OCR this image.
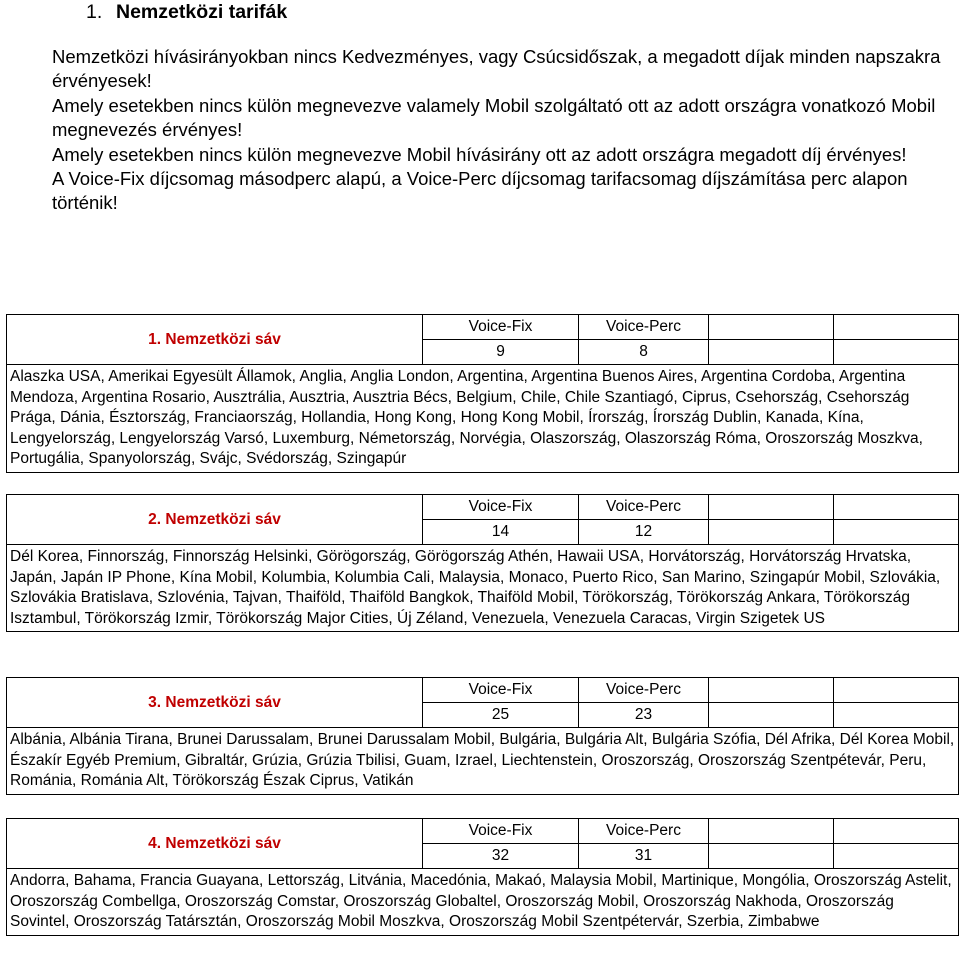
1. Nemzetközi tarifák

Nemzetközi hívásirányokban nincs Kedvezményes, vagy Csúcsidőszak, a megadott díjak minden napszakra érvényesek!

Amely esetekben nincs külön megnevezve valamely Mobil szolgáltató ott az adott országra vonatkozó Mobil megnevezés érvényes!

Amely esetekben nincs külön megnevezve Mobil hívásirány ott az adott országra megadott díj érvényes!

A Voice-Fix díjcsomag másodperc alapú, a Voice-Perc díjcsomag tarifacsomag díjszámítása perc alapon történik!

1. Nemzetközi sáv	Voice-Fix	Voice-Perc		
	9	8		
Alaszka USA, Amerikai Egyesült Államok, Anglia, Anglia London, Argentina, Argentina Buenos Aires, Argentina Cordoba, Argentina Mendoza, Argentina Rosario, Ausztrália, Ausztria, Ausztria Bécs, Belgium, Chile, Chile Szantiagó, Ciprus, Csehország, Csehország Prága, Dánia, Észtország, Franciaország, Hollandia, Hong Kong, Hong Kong Mobil, Írország, Írország Dublin, Kanada, Kína, Lengyelország, Lengyelország Varsó, Luxemburg, Németország, Norvégia, Olaszország, Olaszország Róma, Oroszország Moszkva, Portugália, Spanyolország, Svájc, Svédország, Szingapúr				
2. Nemzetközi sáv	Voice-Fix	Voice-Perc		
	14	12		
Dél Korea, Finnország, Finnország Helsinki, Görögország, Görögország Athén, Hawaii USA, Horvátország, Horvátország Hrvatska, Japán, Japán IP Phone, Kína Mobil, Kolumbia, Kolumbia Cali, Malaysia, Monaco, Puerto Rico, San Marino, Szingapúr Mobil, Szlovákia, Szlovákia Bratislava, Szlovénia, Tajvan, Thaiföld, Thaiföld Bangkok, Thaiföld Mobil, Törökország, Törökország Ankara, Törökország Isztambul, Törökország Izmir, Törökország Major Cities, Új Zéland, Venezuela, Venezuela Caracas, Virgin Szigetek US				
3. Nemzetközi sáv	Voice-Fix	Voice-Perc		
	25	23		
Albánia, Albánia Tirana, Brunei Darussalam, Brunei Darussalam Mobil, Bulgária, Bulgária Alt, Bulgária Szófia, Dél Afrika, Dél Korea Mobil, Északír Egyéb Premium, Gibraltár, Grúzia, Grúzia Tbilisi, Guam, Izrael, Liechtenstein, Oroszország, Oroszország Szentpétevár, Peru, Románia, Románia Alt, Törökország Észak Ciprus, Vatikán				
4. Nemzetközi sáv	Voice-Fix	Voice-Perc		
	32	31		
Andorra, Bahama, Francia Guayana, Lettország, Litvánia, Macedónia, Makaó, Malaysia Mobil, Martinique, Mongólia, Oroszország Astelit, Oroszország Combellga, Oroszország Comstar, Oroszország Globaltel, Oroszország Mobil, Oroszország Nakhoda, Oroszország Sovintel, Oroszország Tatársztán, Oroszország Mobil Moszkva, Oroszország Mobil Szentpétervár, Szerbia, Zimbabwe				
